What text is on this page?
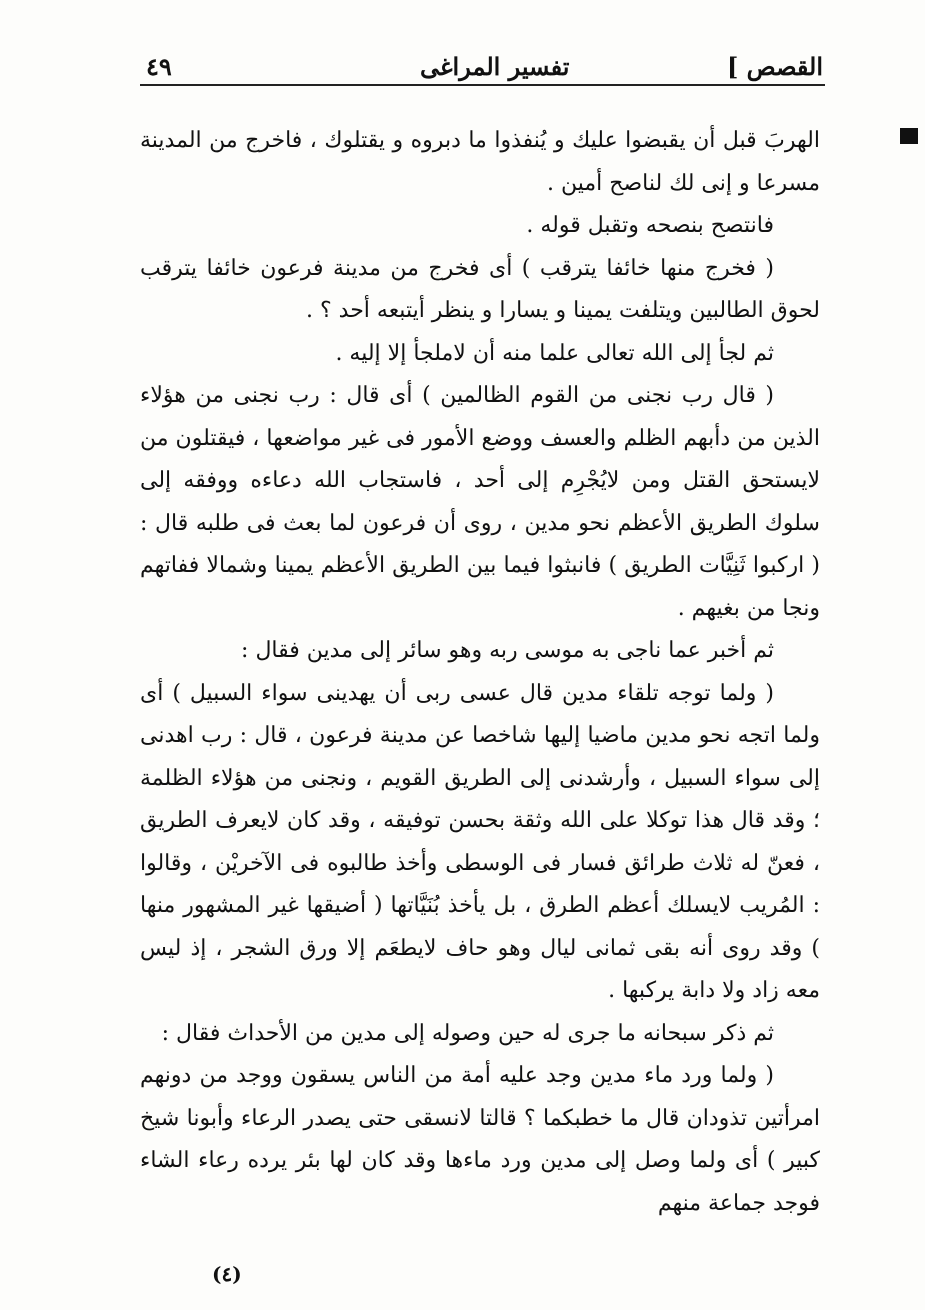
القصص ]
تفسير المراغى
٤٩

الهربَ قبل أن يقبضوا عليك و يُنفذوا ما دبروه و يقتلوك ، فاخرج من المدينة مسرعا و إنى لك لناصح أمين .

فانتصح بنصحه وتقبل قوله .

( فخرج منها خائفا يترقب ) أى فخرج من مدينة فرعون خائفا يترقب لحوق الطالبين ويتلفت يمينا و يسارا و ينظر أيتبعه أحد ؟ .

ثم لجأ إلى الله تعالى علما منه أن لاملجأ إلا إليه .

( قال رب نجنى من القوم الظالمين ) أى قال : رب نجنى من هؤلاء الذين من دأبهم الظلم والعسف ووضع الأمور فى غير مواضعها ، فيقتلون من لايستحق القتل ومن لايُجْرِم إلى أحد ، فاستجاب الله دعاءه ووفقه إلى سلوك الطريق الأعظم نحو مدين ، روى أن فرعون لما بعث فى طلبه قال : ( اركبوا ثَنِيَّات الطريق ) فانبثوا فيما بين الطريق الأعظم يمينا وشمالا ففاتهم ونجا من بغيهم .

ثم أخبر عما ناجى به موسى ربه وهو سائر إلى مدين فقال :

( ولما توجه تلقاء مدين قال عسى ربى أن يهدينى سواء السبيل ) أى ولما اتجه نحو مدين ماضيا إليها شاخصا عن مدينة فرعون ، قال : رب اهدنى إلى سواء السبيل ، وأرشدنى إلى الطريق القويم ، ونجنى من هؤلاء الظلمة ؛ وقد قال هذا توكلا على الله وثقة بحسن توفيقه ، وقد كان لايعرف الطريق ، فعنّ له ثلاث طرائق فسار فى الوسطى وأخذ طالبوه فى الآخريْن ، وقالوا : المُريب لايسلك أعظم الطرق ، بل يأخذ بُنَيَّاتها ( أضيقها غير المشهور منها ) وقد روى أنه بقى ثمانى ليال وهو حاف لايطعَم إلا ورق الشجر ، إذ ليس معه زاد ولا دابة يركبها .

ثم ذكر سبحانه ما جرى له حين وصوله إلى مدين من الأحداث فقال :

( ولما ورد ماء مدين وجد عليه أمة من الناس يسقون ووجد من دونهم امرأتين تذودان قال ما خطبكما ؟ قالتا لانسقى حتى يصدر الرعاء وأبونا شيخ كبير ) أى ولما وصل إلى مدين ورد ماءها وقد كان لها بئر يرده رعاء الشاء فوجد جماعة منهم

(٤)
